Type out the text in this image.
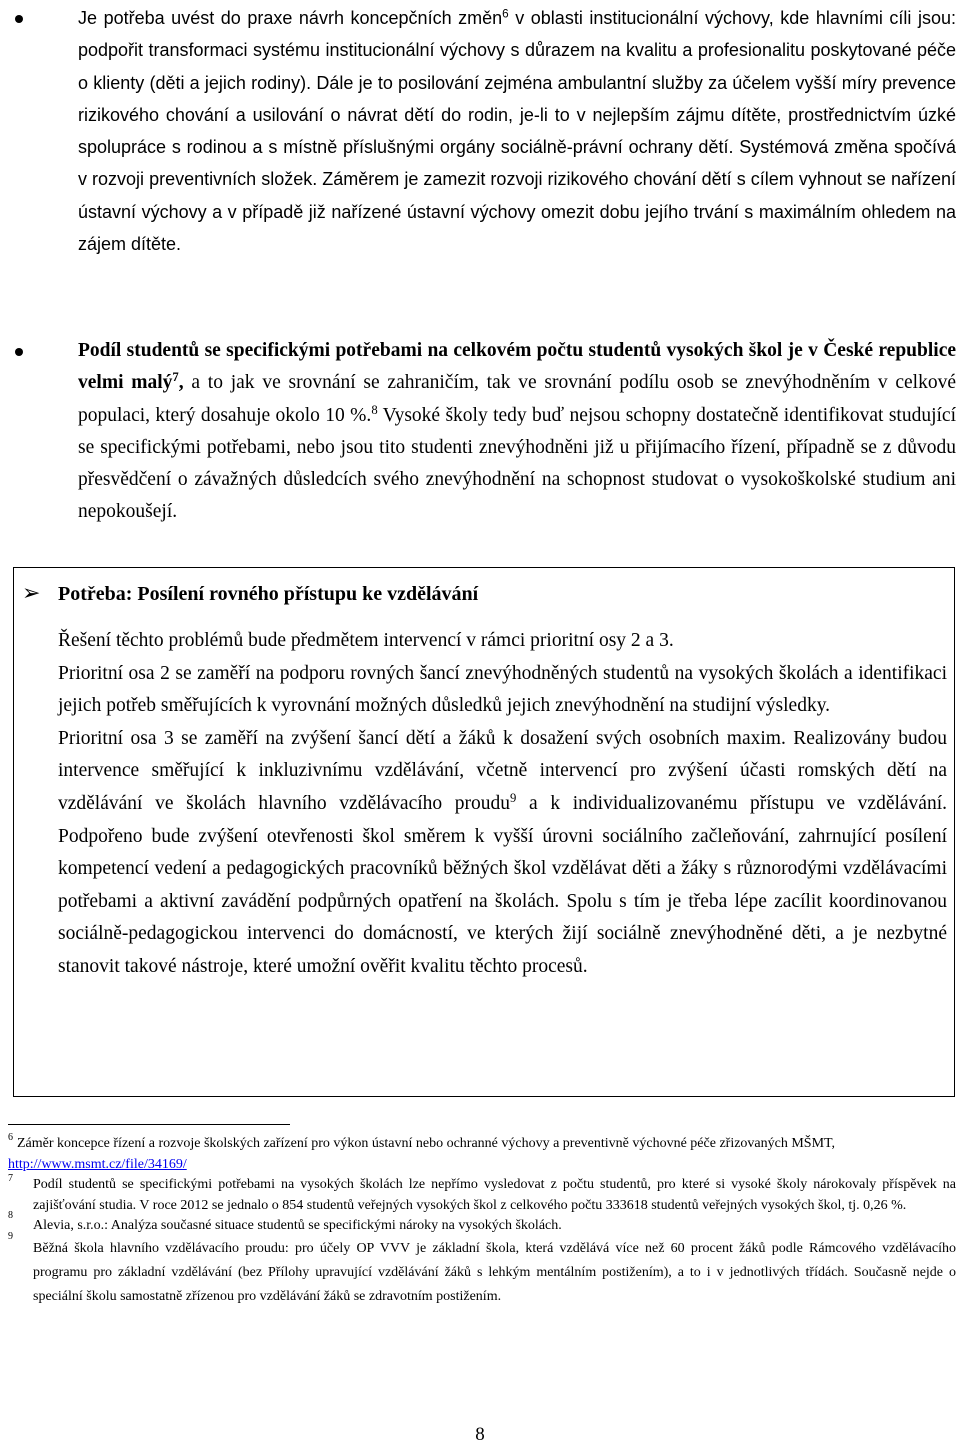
Je potřeba uvést do praxe návrh koncepčních změn$^6$ v oblasti institucionální výchovy, kde hlavními cíli jsou: podpořit transformaci systému institucionální výchovy s důrazem na kvalitu a profesionalitu poskytované péče o klienty (děti a jejich rodiny). Dále je to posilování zejména ambulantní služby za účelem vyšší míry prevence rizikového chování a usilování o návrat dětí do rodin, je-li to v nejlepším zájmu dítěte, prostřednictvím úzké spolupráce s rodinou a s místně příslušnými orgány sociálně-právní ochrany dětí. Systémová změna spočívá v rozvoji preventivních složek. Záměrem je zamezit rozvoji rizikového chování dětí s cílem vyhnout se nařízení ústavní výchovy a v případě již nařízené ústavní výchovy omezit dobu jejího trvání s maximálním ohledem na zájem dítěte.
Podíl studentů se specifickými potřebami na celkovém počtu studentů vysokých škol je v České republice velmi malý$^7$, a to jak ve srovnání se zahraničím, tak ve srovnání podílu osob se znevýhodněním v celkové populaci, který dosahuje okolo 10 %.$^8$ Vysoké školy tedy buď nejsou schopny dostatečně identifikovat studující se specifickými potřebami, nebo jsou tito studenti znevýhodněni již u přijímacího řízení, případně se z důvodu přesvědčení o závažných důsledcích svého znevýhodnění na schopnost studovat o vysokoškolské studium ani nepokoušejí.
➢ Potřeba: Posílení rovného přístupu ke vzdělávání

Řešení těchto problémů bude předmětem intervencí v rámci prioritní osy 2 a 3.

Prioritní osa 2 se zaměří na podporu rovných šancí znevýhodněných studentů na vysokých školách a identifikaci jejich potřeb směřujících k vyrovnání možných důsledků jejich znevýhodnění na studijní výsledky.

Prioritní osa 3 se zaměří na zvýšení šancí dětí a žáků k dosažení svých osobních maxim. Realizovány budou intervence směřující k inkluzivnímu vzdělávání, včetně intervencí pro zvýšení účasti romských dětí na vzdělávání ve školách hlavního vzdělávacího proudu$^9$ a k individualizovanému přístupu ve vzdělávání. Podpořeno bude zvýšení otevřenosti škol směrem k vyšší úrovni sociálního začleňování, zahrnující posílení kompetencí vedení a pedagogických pracovníků běžných škol vzdělávat děti a žáky s různorodými vzdělávacími potřebami a aktivní zavádění podpůrných opatření na školách. Spolu s tím je třeba lépe zacílit koordinovanou sociálně-pedagogickou intervenci do domácností, ve kterých žijí sociálně znevýhodněné děti, a je nezbytné stanovit takové nástroje, které umožní ověřit kvalitu těchto procesů.

6 Záměr koncepce řízení a rozvoje školských zařízení pro výkon ústavní nebo ochranné výchovy a preventivně výchovné péče zřizovaných MŠMT,
http://www.msmt.cz/file/34169/
7	Podíl studentů se specifickými potřebami na vysokých školách lze nepřímo vysledovat z počtu studentů, pro které si vysoké školy nárokovaly příspěvek na zajišťování studia. V roce 2012 se jednalo o 854 studentů veřejných vysokých škol z celkového počtu 333618 studentů veřejných vysokých škol, tj. 0,26 %.
8
Alevia, s.r.o.: Analýza současné situace studentů se specifickými nároky na vysokých školách.
9
Běžná škola hlavního vzdělávacího proudu: pro účely OP VVV je základní škola, která vzdělává více než 60 procent žáků podle Rámcového vzdělávacího programu pro základní vzdělávání (bez Přílohy upravující vzdělávání žáků s lehkým mentálním postižením), a to i v jednotlivých třídách. Současně nejde o speciální školu samostatně zřízenou pro vzdělávání žáků se zdravotním postižením.
8
